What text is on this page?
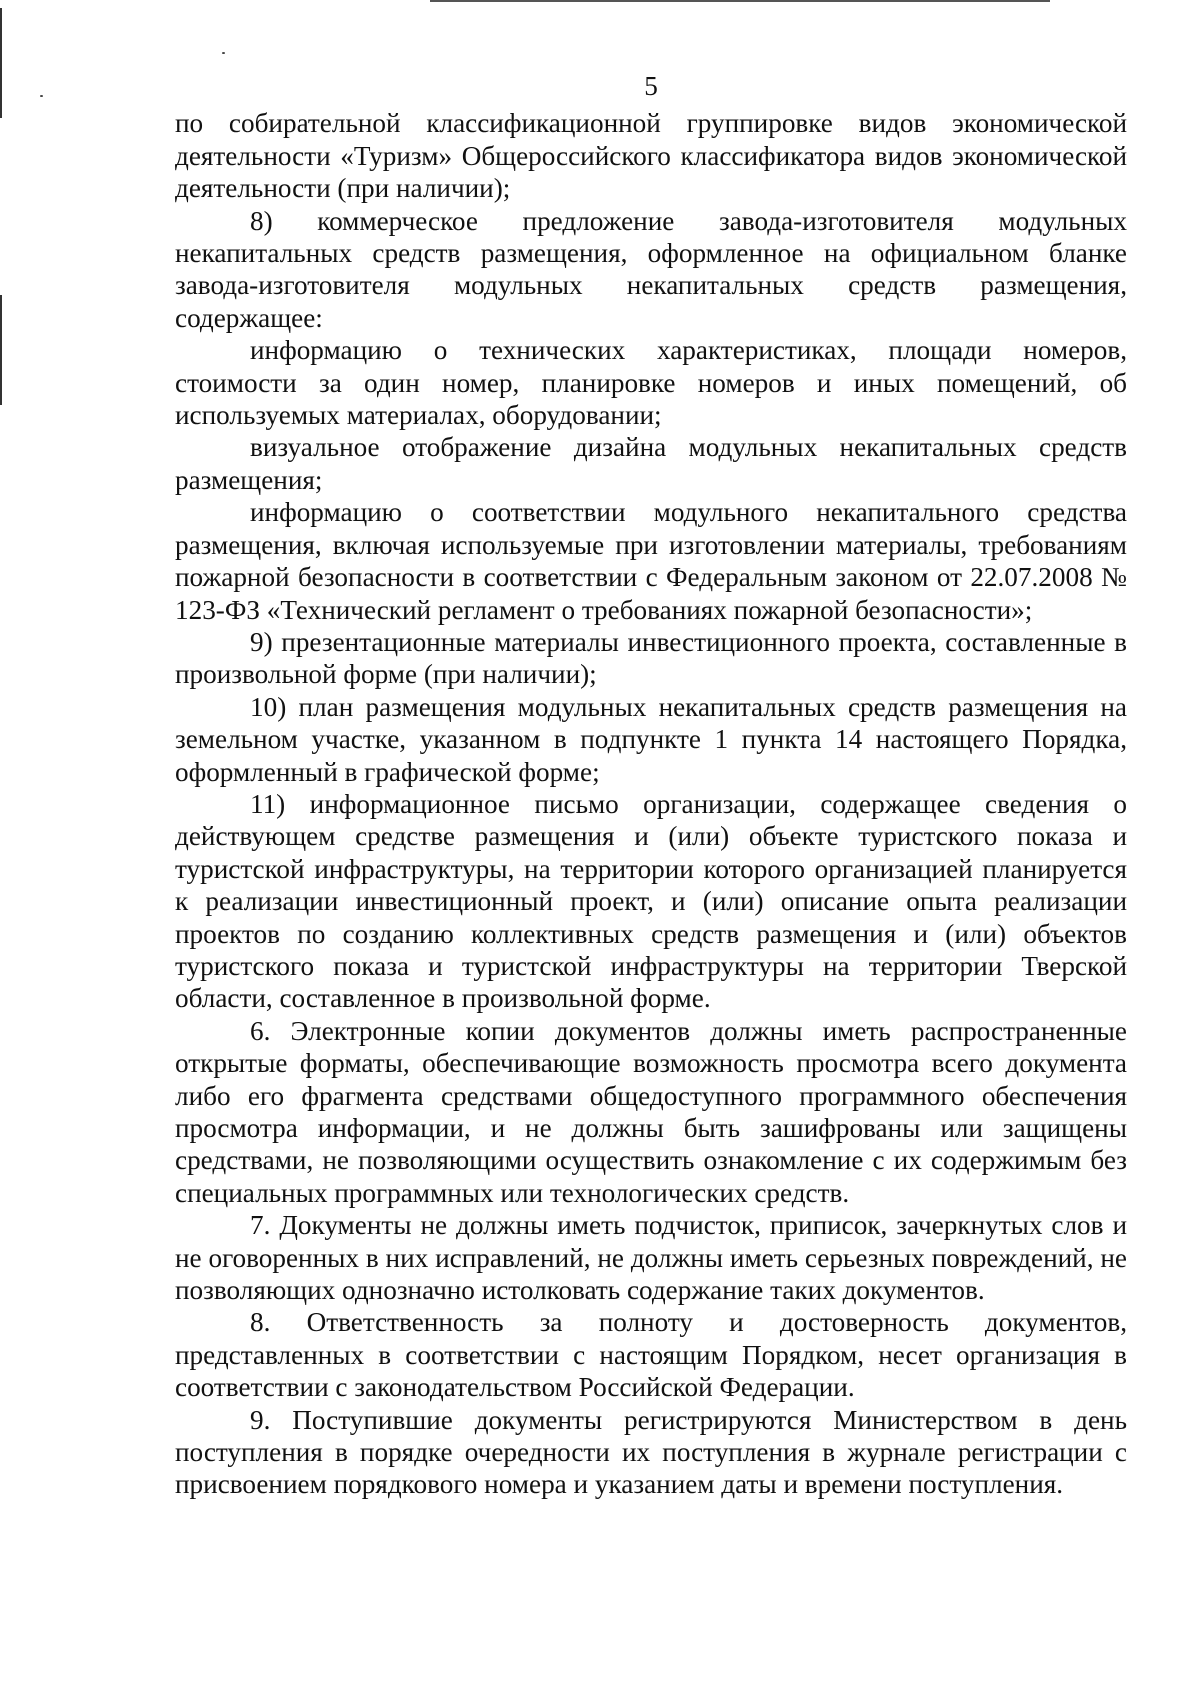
5

по собирательной классификационной группировке видов экономической деятельности «Туризм» Общероссийского классификатора видов экономической деятельности (при наличии);

8) коммерческое предложение завода-изготовителя модульных некапитальных средств размещения, оформленное на официальном бланке завода-изготовителя модульных некапитальных средств размещения, содержащее:

информацию о технических характеристиках, площади номеров, стоимости за один номер, планировке номеров и иных помещений, об используемых материалах, оборудовании;

визуальное отображение дизайна модульных некапитальных средств размещения;

информацию о соответствии модульного некапитального средства размещения, включая используемые при изготовлении материалы, требованиям пожарной безопасности в соответствии с Федеральным законом от 22.07.2008 № 123-ФЗ «Технический регламент о требованиях пожарной безопасности»;

9) презентационные материалы инвестиционного проекта, составленные в произвольной форме (при наличии);

10) план размещения модульных некапитальных средств размещения на земельном участке, указанном в подпункте 1 пункта 14 настоящего Порядка, оформленный в графической форме;

11) информационное письмо организации, содержащее сведения о действующем средстве размещения и (или) объекте туристского показа и туристской инфраструктуры, на территории которого организацией планируется к реализации инвестиционный проект, и (или) описание опыта реализации проектов по созданию коллективных средств размещения и (или) объектов туристского показа и туристской инфраструктуры на территории Тверской области, составленное в произвольной форме.

6. Электронные копии документов должны иметь распространенные открытые форматы, обеспечивающие возможность просмотра всего документа либо его фрагмента средствами общедоступного программного обеспечения просмотра информации, и не должны быть зашифрованы или защищены средствами, не позволяющими осуществить ознакомление с их содержимым без специальных программных или технологических средств.

7. Документы не должны иметь подчисток, приписок, зачеркнутых слов и не оговоренных в них исправлений, не должны иметь серьезных повреждений, не позволяющих однозначно истолковать содержание таких документов.

8. Ответственность за полноту и достоверность документов, представленных в соответствии с настоящим Порядком, несет организация в соответствии с законодательством Российской Федерации.

9. Поступившие документы регистрируются Министерством в день поступления в порядке очередности их поступления в журнале регистрации с присвоением порядкового номера и указанием даты и времени поступления.
